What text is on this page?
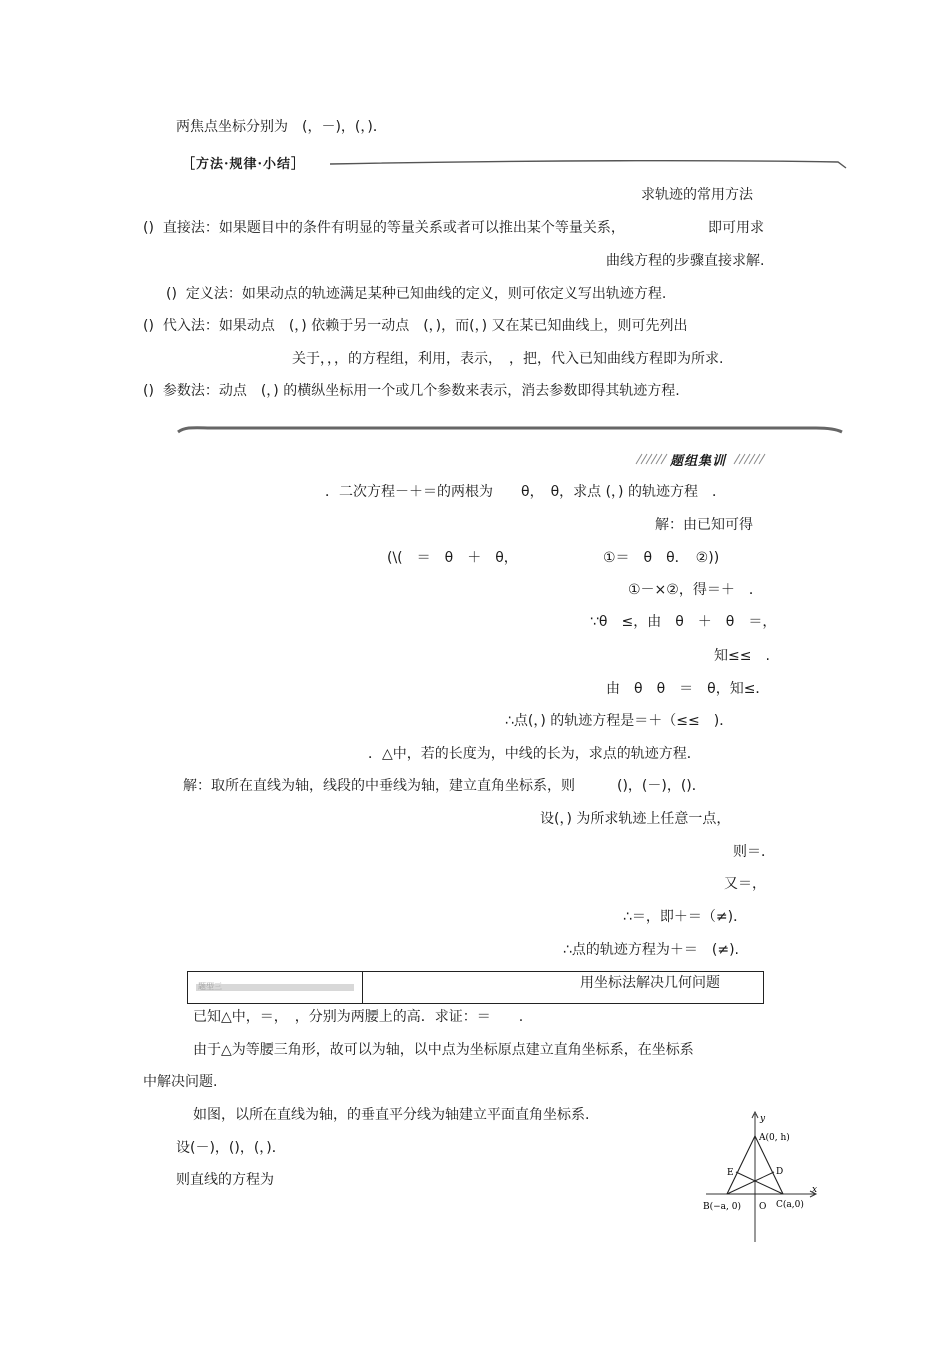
两焦点坐标分别为　(，－)，(，)．
［方法·规律·小结］
求轨迹的常用方法
()  直接法：如果题目中的条件有明显的等量关系或者可以推出某个等量关系，	即可用求
曲线方程的步骤直接求解.
()  定义法：如果动点的轨迹满足某种已知曲线的定义，则可依定义写出轨迹方程.
()  代入法：如果动点　(，) 依赖于另一动点　(，)，而(，) 又在某已知曲线上，则可先列出
关于，，，的方程组，利用，表示，　，把，代入已知曲线方程即为所求.
()  参数法：动点　(，) 的横纵坐标用一个或几个参数来表示，消去参数即得其轨迹方程.
题组集训
．二次方程－＋＝的两根为　　θ，　θ，求点 (，) 的轨迹方程　．
解：由已知可得
(\(　＝　θ　＋　θ，	①＝　θ　θ．　②))
①－×②，得＝＋　．
∵θ　≤，由　θ　＋　θ　＝，
知≤≤　.
由　θ　θ　＝　θ，知≤．
∴点(，) 的轨迹方程是＝＋（≤≤　)．
．△中，若的长度为，中线的长为，求点的轨迹方程．
解：取所在直线为轴，线段的中垂线为轴，建立直角坐标系，则　　　()，(－)，()．
设(，) 为所求轨迹上任意一点，
则＝．
又＝，
∴＝，即＋＝（≠)．
∴点的轨迹方程为＋＝　(≠).
题型三	用坐标法解决几何问题
已知△中，＝，　，分别为两腰上的高．求证：＝　　.
由于△为等腰三角形，故可以为轴，以中点为坐标原点建立直角坐标系，在坐标系
中解决问题.
如图，以所在直线为轴，的垂直平分线为轴建立平面直角坐标系.
设(－)，()，(，)．
则直线的方程为
y
x
A(0, h)
B(−a, 0)	C(a,0)
O
D
E
